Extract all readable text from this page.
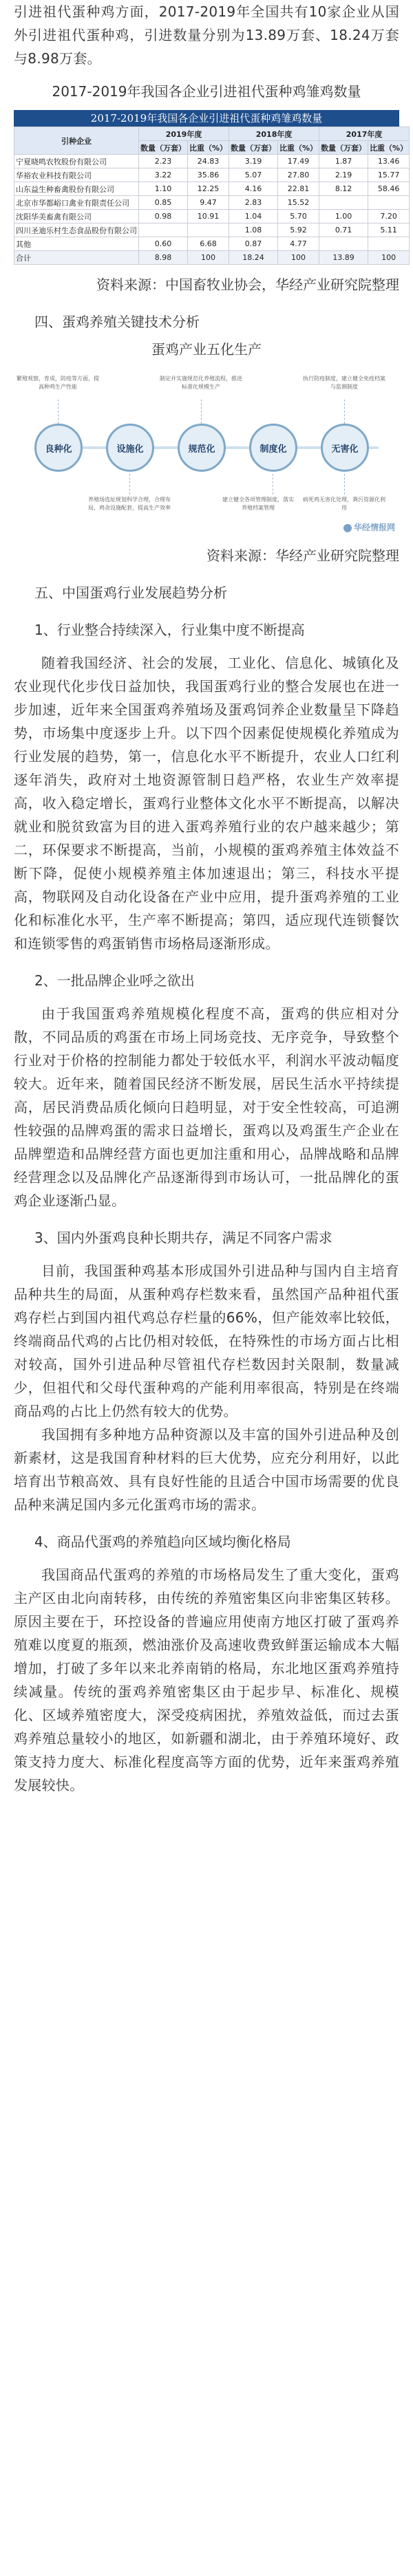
引进祖代蛋种鸡方面，2017-2019年全国共有10家企业从国外引进祖代蛋种鸡，引进数量分别为13.89万套、18.24万套与8.98万套。

2017-2019年我国各企业引进祖代蛋种鸡雏鸡数量

2017-2019年我国各企业引进祖代蛋种鸡雏鸡数量
引种企业	2019年度		2018年度		2017年度	
	数量（万套）	比重（%）	数量（万套）	比重（%）	数量（万套）	比重（%）
宁夏晓鸣农牧股份有限公司	2.23	24.83	3.19	17.49	1.87	13.46
华裕农业科技有限公司	3.22	35.86	5.07	27.80	2.19	15.77
山东益生种畜禽股份有限公司	1.10	12.25	4.16	22.81	8.12	58.46
北京市华都峪口禽业有限责任公司	0.85	9.47	2.83	15.52		
沈阳华美畜禽有限公司	0.98	10.91	1.04	5.70	1.00	7.20
四川圣迪乐村生态食品股份有限公司			1.08	5.92	0.71	5.11
其他	0.60	6.68	0.87	4.77		
合计	8.98	100	18.24	100	13.89	100

资料来源：中国畜牧业协会，华经产业研究院整理

四、蛋鸡养殖关键技术分析

蛋鸡产业五化生产

繁殖观察，育成，防疫等方面，提高种鸡生产性能
制定并实施规范化养殖流程，推进标准化规模生产
执行防疫制度，建立健全免疫档案与监测制度
良种化	设施化	规范化	制度化	无害化
养殖场选址规划科学合理，合理布局，鸡舍设施配套，提高生产效率
建立健全各项管理制度，落实养殖档案管理
病死鸡无害化处理，粪污资源化利用
华经情报网

资料来源：华经产业研究院整理

五、中国蛋鸡行业发展趋势分析

1、行业整合持续深入，行业集中度不断提高

随着我国经济、社会的发展，工业化、信息化、城镇化及农业现代化步伐日益加快，我国蛋鸡行业的整合发展也在进一步加速，近年来全国蛋鸡养殖场及蛋鸡饲养企业数量呈下降趋势，市场集中度逐步上升。以下四个因素促使规模化养殖成为行业发展的趋势，第一，信息化水平不断提升，农业人口红利逐年消失，政府对土地资源管制日趋严格，农业生产效率提高，收入稳定增长，蛋鸡行业整体文化水平不断提高，以解决就业和脱贫致富为目的进入蛋鸡养殖行业的农户越来越少；第二，环保要求不断提高，当前，小规模的蛋鸡养殖主体效益不断下降，促使小规模养殖主体加速退出；第三，科技水平提高，物联网及自动化设备在产业中应用，提升蛋鸡养殖的工业化和标准化水平，生产率不断提高；第四，适应现代连锁餐饮和连锁零售的鸡蛋销售市场格局逐渐形成。

2、一批品牌企业呼之欲出

由于我国蛋鸡养殖规模化程度不高，蛋鸡的供应相对分散，不同品质的鸡蛋在市场上同场竞技、无序竞争，导致整个行业对于价格的控制能力都处于较低水平，利润水平波动幅度较大。近年来，随着国民经济不断发展，居民生活水平持续提高，居民消费品质化倾向日趋明显，对于安全性较高，可追溯性较强的品牌鸡蛋的需求日益增长，蛋鸡以及鸡蛋生产企业在品牌塑造和品牌经营方面也更加注重和用心，品牌战略和品牌经营理念以及品牌化产品逐渐得到市场认可，一批品牌化的蛋鸡企业逐渐凸显。

3、国内外蛋鸡良种长期共存，满足不同客户需求

目前，我国蛋种鸡基本形成国外引进品种与国内自主培育品种共生的局面，从蛋种鸡存栏数来看，虽然国产品种祖代蛋鸡存栏占到国内祖代鸡总存栏量的66%，但产能效率比较低，终端商品代鸡的占比仍相对较低，在特殊性的市场方面占比相对较高，国外引进品种尽管祖代存栏数因封关限制，数量减少，但祖代和父母代蛋种鸡的产能利用率很高，特别是在终端商品鸡的占比上仍然有较大的优势。

我国拥有多种地方品种资源以及丰富的国外引进品种及创新素材，这是我国育种材料的巨大优势，应充分利用好，以此培育出节粮高效、具有良好性能的且适合中国市场需要的优良品种来满足国内多元化蛋鸡市场的需求。

4、商品代蛋鸡的养殖趋向区域均衡化格局

我国商品代蛋鸡的养殖的市场格局发生了重大变化，蛋鸡主产区由北向南转移，由传统的养殖密集区向非密集区转移。原因主要在于，环控设备的普遍应用使南方地区打破了蛋鸡养殖难以度夏的瓶颈，燃油涨价及高速收费致鲜蛋运输成本大幅增加，打破了多年以来北养南销的格局，东北地区蛋鸡养殖持续减量。传统的蛋鸡养殖密集区由于起步早、标准化、规模化、区域养殖密度大，深受疫病困扰，养殖效益低，而过去蛋鸡养殖总量较小的地区，如新疆和湖北，由于养殖环境好、政策支持力度大、标准化程度高等方面的优势，近年来蛋鸡养殖发展较快。
